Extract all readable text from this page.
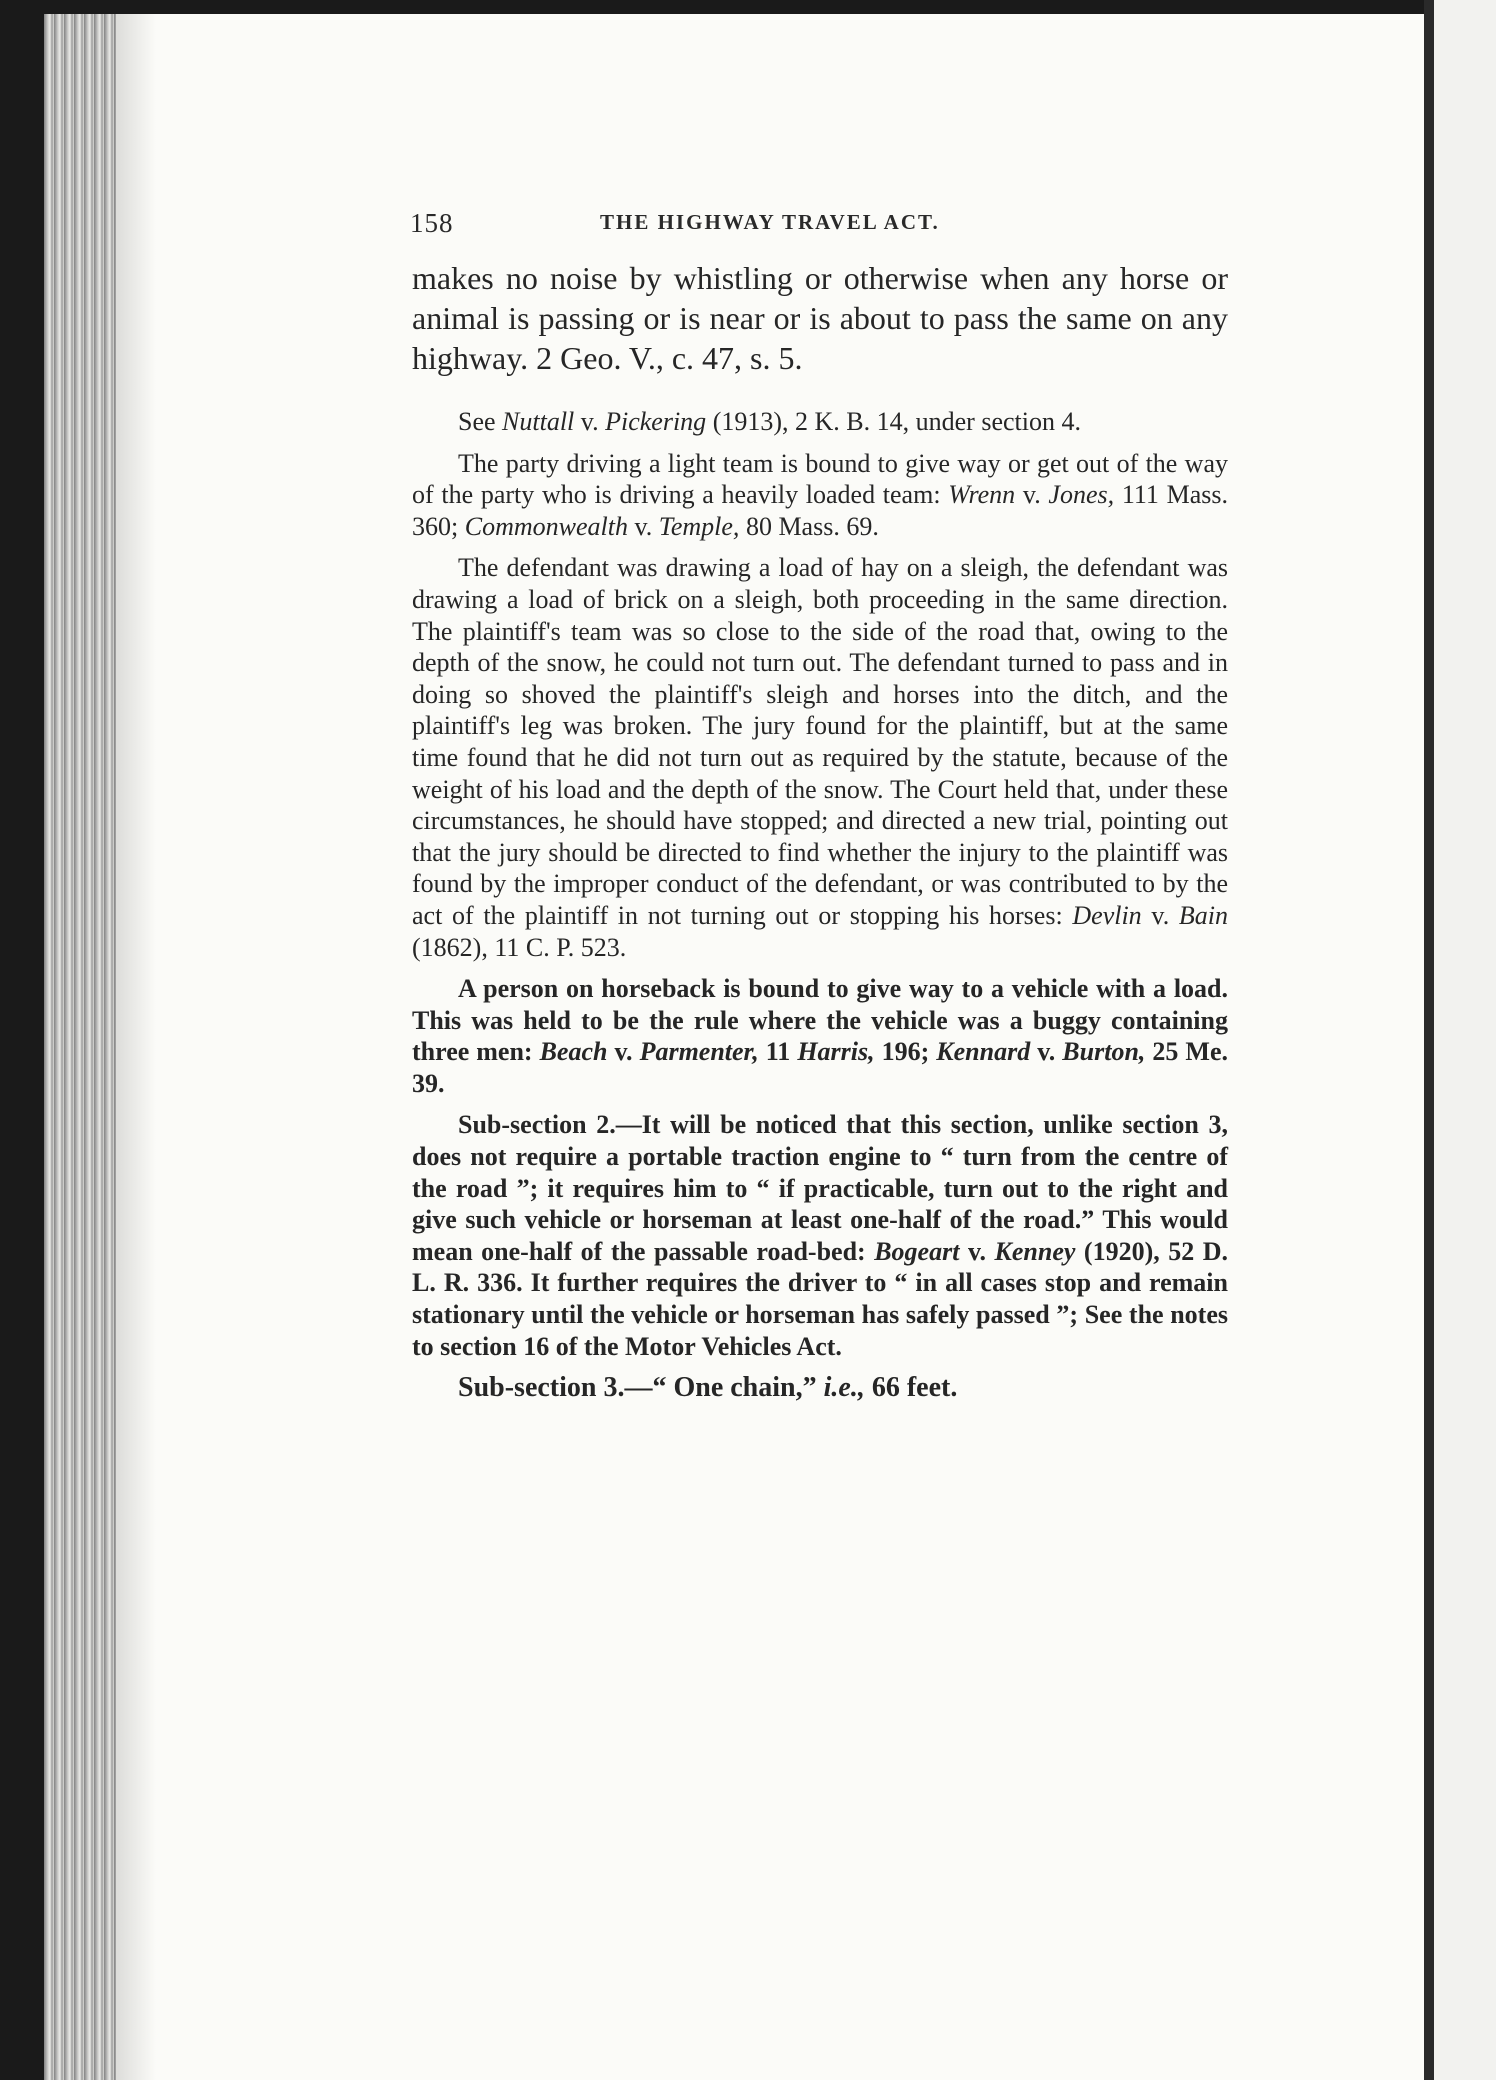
158	THE HIGHWAY TRAVEL ACT.

makes no noise by whistling or otherwise when any horse or animal is passing or is near or is about to pass the same on any highway. 2 Geo. V., c. 47, s. 5.

See Nuttall v. Pickering (1913), 2 K. B. 14, under section 4.

The party driving a light team is bound to give way or get out of the way of the party who is driving a heavily loaded team: Wrenn v. Jones, 111 Mass. 360; Commonwealth v. Temple, 80 Mass. 69.

The defendant was drawing a load of hay on a sleigh, the defendant was drawing a load of brick on a sleigh, both proceeding in the same direction. The plaintiff's team was so close to the side of the road that, owing to the depth of the snow, he could not turn out. The defendant turned to pass and in doing so shoved the plaintiff's sleigh and horses into the ditch, and the plaintiff's leg was broken. The jury found for the plaintiff, but at the same time found that he did not turn out as required by the statute, because of the weight of his load and the depth of the snow. The Court held that, under these circumstances, he should have stopped; and directed a new trial, pointing out that the jury should be directed to find whether the injury to the plaintiff was found by the improper conduct of the defendant, or was contributed to by the act of the plaintiff in not turning out or stopping his horses: Devlin v. Bain (1862), 11 C. P. 523.

A person on horseback is bound to give way to a vehicle with a load. This was held to be the rule where the vehicle was a buggy containing three men: Beach v. Parmenter, 11 Harris, 196; Kennard v. Burton, 25 Me. 39.

Sub-section 2.—It will be noticed that this section, unlike section 3, does not require a portable traction engine to “ turn from the centre of the road ”; it requires him to “ if practicable, turn out to the right and give such vehicle or horseman at least one-half of the road.” This would mean one-half of the passable road-bed: Bogeart v. Kenney (1920), 52 D. L. R. 336. It further requires the driver to “ in all cases stop and remain stationary until the vehicle or horseman has safely passed ”; See the notes to section 16 of the Motor Vehicles Act.

Sub-section 3.—“ One chain,” i.e., 66 feet.
